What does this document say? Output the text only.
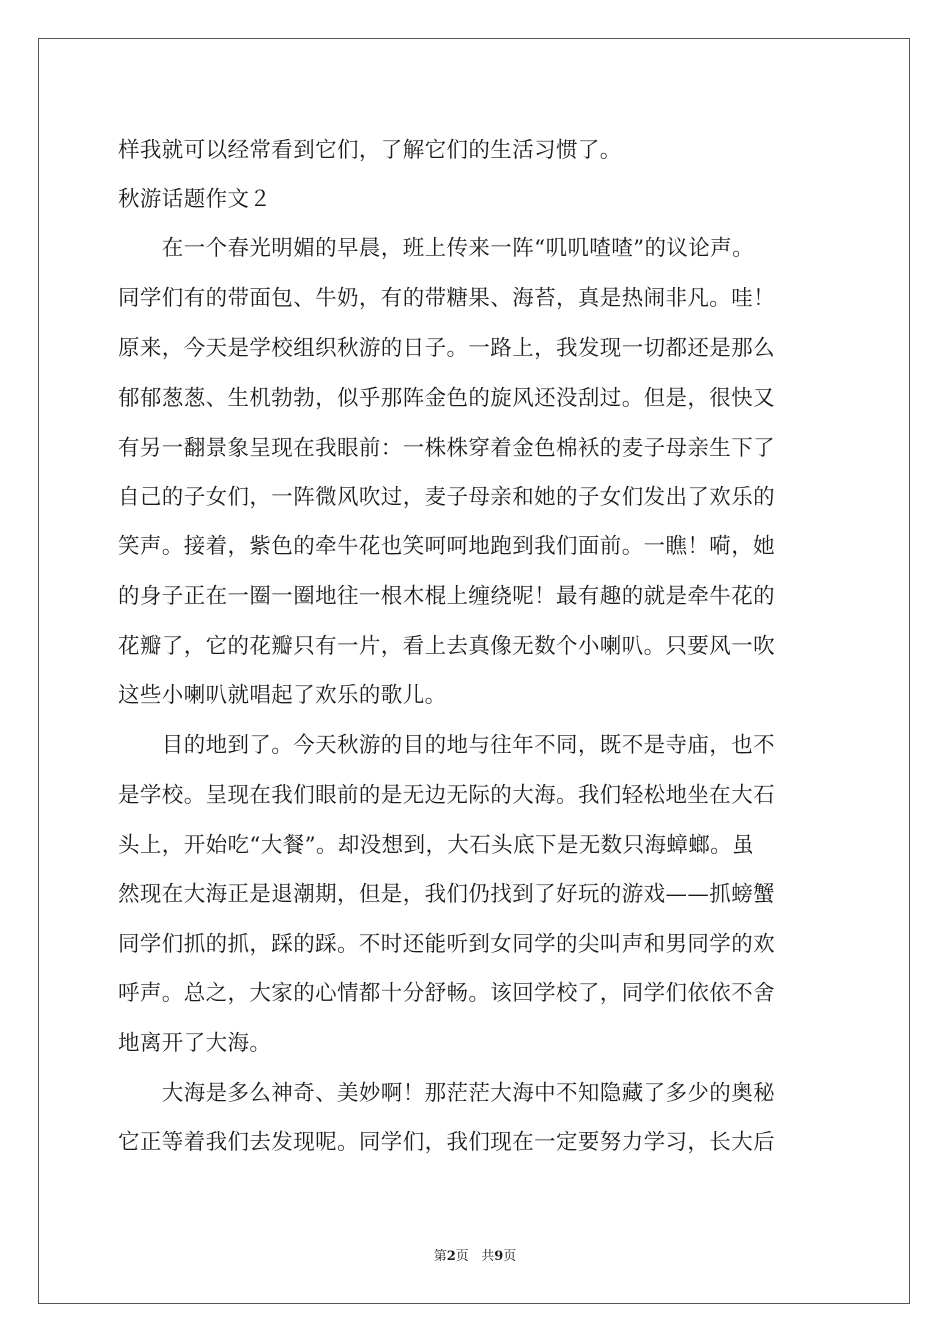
样我就可以经常看到它们，了解它们的生活习惯了。

秋游话题作文２

　　在一个春光明媚的早晨，班上传来一阵“叽叽喳喳”的议论声。

同学们有的带面包、牛奶，有的带糖果、海苔，真是热闹非凡。哇！

原来，今天是学校组织秋游的日子。一路上，我发现一切都还是那么

郁郁葱葱、生机勃勃，似乎那阵金色的旋风还没刮过。但是，很快又

有另一翻景象呈现在我眼前：一株株穿着金色棉袄的麦子母亲生下了

自己的子女们，一阵微风吹过，麦子母亲和她的子女们发出了欢乐的

笑声。接着，紫色的牵牛花也笑呵呵地跑到我们面前。一瞧！嗬，她

的身子正在一圈一圈地往一根木棍上缠绕呢！最有趣的就是牵牛花的

花瓣了，它的花瓣只有一片，看上去真像无数个小喇叭。只要风一吹

这些小喇叭就唱起了欢乐的歌儿。

　　目的地到了。今天秋游的目的地与往年不同，既不是寺庙，也不

是学校。呈现在我们眼前的是无边无际的大海。我们轻松地坐在大石

头上，开始吃“大餐”。却没想到，大石头底下是无数只海蟑螂。虽

然现在大海正是退潮期，但是，我们仍找到了好玩的游戏——抓螃蟹

同学们抓的抓，踩的踩。不时还能听到女同学的尖叫声和男同学的欢

呼声。总之，大家的心情都十分舒畅。该回学校了，同学们依依不舍

地离开了大海。

　　大海是多么神奇、美妙啊！那茫茫大海中不知隐藏了多少的奥秘

它正等着我们去发现呢。同学们，我们现在一定要努力学习，长大后

第2页 共9页
